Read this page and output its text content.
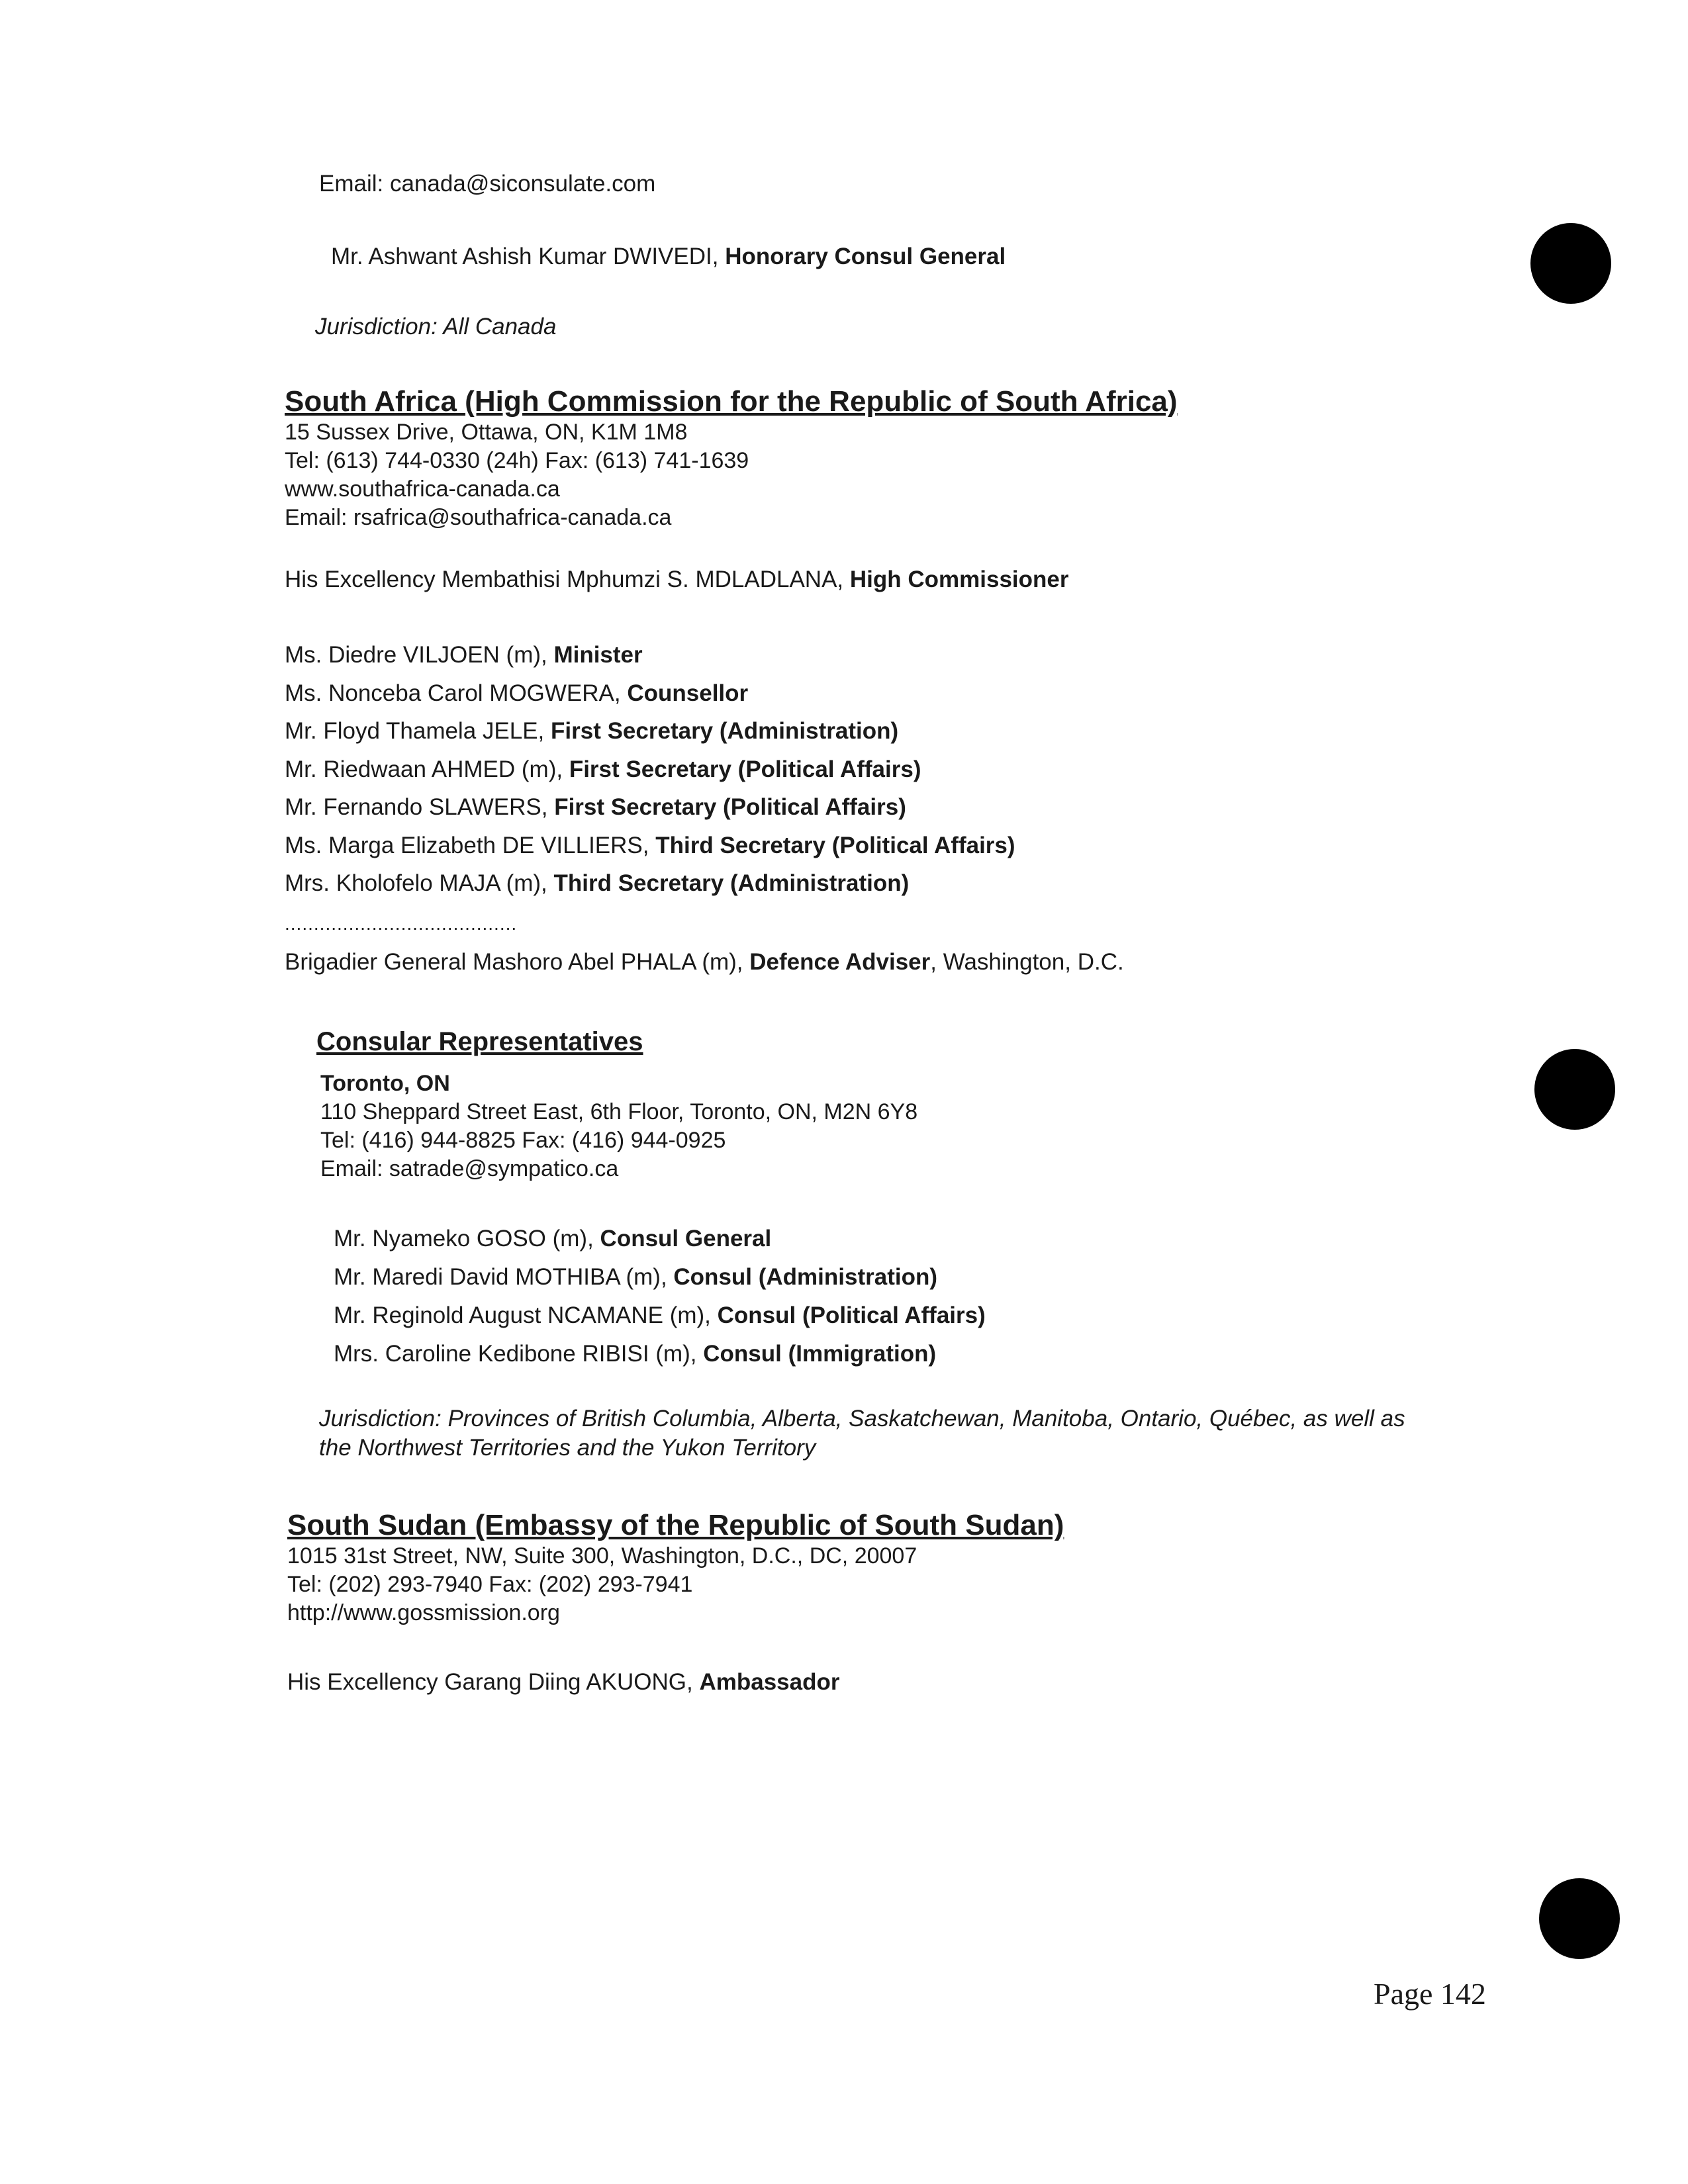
Email: canada@siconsulate.com
Mr. Ashwant Ashish Kumar DWIVEDI, Honorary Consul General
Jurisdiction: All Canada
South Africa (High Commission for the Republic of South Africa)
15 Sussex Drive, Ottawa, ON, K1M 1M8
Tel: (613) 744-0330 (24h) Fax: (613) 741-1639
www.southafrica-canada.ca
Email: rsafrica@southafrica-canada.ca
His Excellency Membathisi Mphumzi S. MDLADLANA, High Commissioner
Ms. Diedre VILJOEN (m), Minister
Ms. Nonceba Carol MOGWERA, Counsellor
Mr. Floyd Thamela JELE, First Secretary (Administration)
Mr. Riedwaan AHMED (m), First Secretary (Political Affairs)
Mr. Fernando SLAWERS, First Secretary (Political Affairs)
Ms. Marga Elizabeth DE VILLIERS, Third Secretary (Political Affairs)
Mrs. Kholofelo MAJA (m), Third Secretary (Administration)
........................................
Brigadier General Mashoro Abel PHALA (m), Defence Adviser, Washington, D.C.
Consular Representatives
Toronto, ON
110 Sheppard Street East, 6th Floor, Toronto, ON, M2N 6Y8
Tel: (416) 944-8825 Fax: (416) 944-0925
Email: satrade@sympatico.ca
Mr. Nyameko GOSO (m), Consul General
Mr. Maredi David MOTHIBA (m), Consul (Administration)
Mr. Reginold August NCAMANE (m), Consul (Political Affairs)
Mrs. Caroline Kedibone RIBISI (m), Consul (Immigration)
Jurisdiction: Provinces of British Columbia, Alberta, Saskatchewan, Manitoba, Ontario, Québec, as well as
the Northwest Territories and the Yukon Territory
South Sudan (Embassy of the Republic of South Sudan)
1015 31st Street, NW, Suite 300, Washington, D.C., DC, 20007
Tel: (202) 293-7940 Fax: (202) 293-7941
http://www.gossmission.org
His Excellency Garang Diing AKUONG, Ambassador
Page 142
